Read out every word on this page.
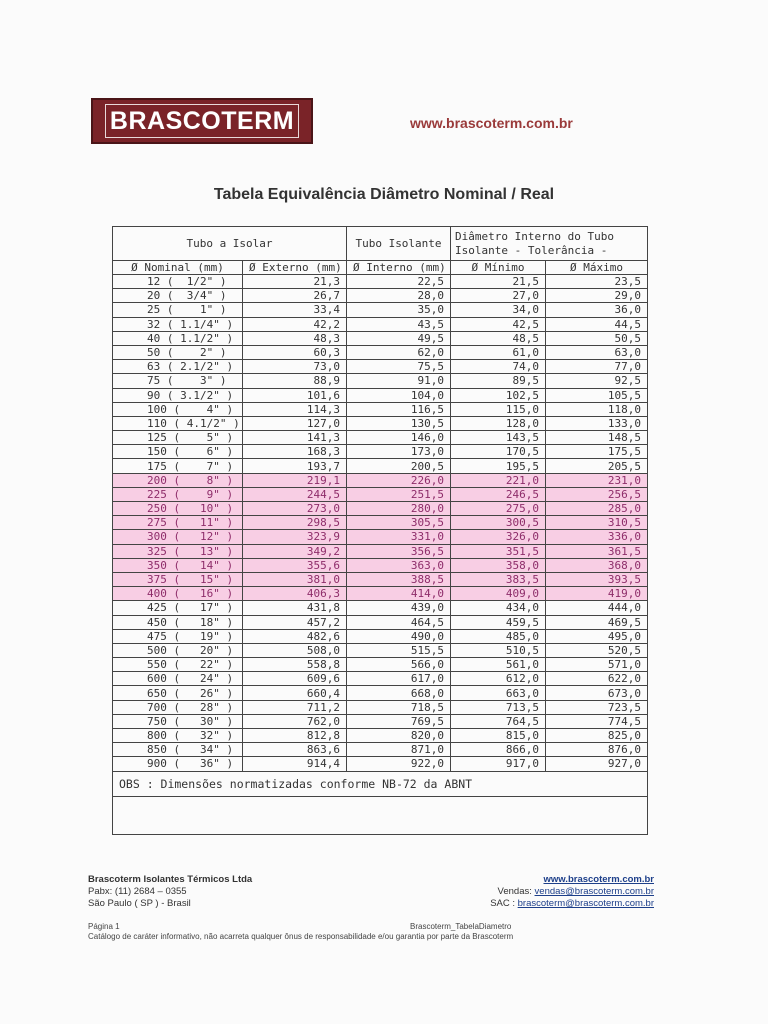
BRASCOTERM	www.brascoterm.com.br
Tabela Equivalência Diâmetro Nominal / Real
Tubo a Isolar		Tubo Isolante	Diâmetro Interno do Tubo Isolante - Tolerância -	
Ø Nominal (mm)	Ø Externo (mm)	Ø Interno (mm)	Ø Mínimo	Ø Máximo
12 (  1/2" )	21,3	22,5	21,5	23,5
20 (  3/4" )	26,7	28,0	27,0	29,0
25 (    1" )	33,4	35,0	34,0	36,0
32 ( 1.1/4" )	42,2	43,5	42,5	44,5
40 ( 1.1/2" )	48,3	49,5	48,5	50,5
50 (    2" )	60,3	62,0	61,0	63,0
63 ( 2.1/2" )	73,0	75,5	74,0	77,0
75 (    3" )	88,9	91,0	89,5	92,5
90 ( 3.1/2" )	101,6	104,0	102,5	105,5
100 (    4" )	114,3	116,5	115,0	118,0
110 ( 4.1/2" )	127,0	130,5	128,0	133,0
125 (    5" )	141,3	146,0	143,5	148,5
150 (    6" )	168,3	173,0	170,5	175,5
175 (    7" )	193,7	200,5	195,5	205,5
200 (    8" )	219,1	226,0	221,0	231,0
225 (    9" )	244,5	251,5	246,5	256,5
250 (   10" )	273,0	280,0	275,0	285,0
275 (   11" )	298,5	305,5	300,5	310,5
300 (   12" )	323,9	331,0	326,0	336,0
325 (   13" )	349,2	356,5	351,5	361,5
350 (   14" )	355,6	363,0	358,0	368,0
375 (   15" )	381,0	388,5	383,5	393,5
400 (   16" )	406,3	414,0	409,0	419,0
425 (   17" )	431,8	439,0	434,0	444,0
450 (   18" )	457,2	464,5	459,5	469,5
475 (   19" )	482,6	490,0	485,0	495,0
500 (   20" )	508,0	515,5	510,5	520,5
550 (   22" )	558,8	566,0	561,0	571,0
600 (   24" )	609,6	617,0	612,0	622,0
650 (   26" )	660,4	668,0	663,0	673,0
700 (   28" )	711,2	718,5	713,5	723,5
750 (   30" )	762,0	769,5	764,5	774,5
800 (   32" )	812,8	820,0	815,0	825,0
850 (   34" )	863,6	871,0	866,0	876,0
900 (   36" )	914,4	922,0	917,0	927,0
OBS : Dimensões normatizadas conforme NB-72 da ABNT				

Brascoterm Isolantes Térmicos Ltda
Pabx: (11) 2684 – 0355
São Paulo ( SP ) - Brasil
www.brascoterm.com.br
Vendas: vendas@brascoterm.com.br
SAC : brascoterm@brascoterm.com.br
Página 1	Brascoterm_TabelaDiametro
Catálogo de caráter informativo, não acarreta qualquer ônus de responsabilidade e/ou garantia por parte da Brascoterm
